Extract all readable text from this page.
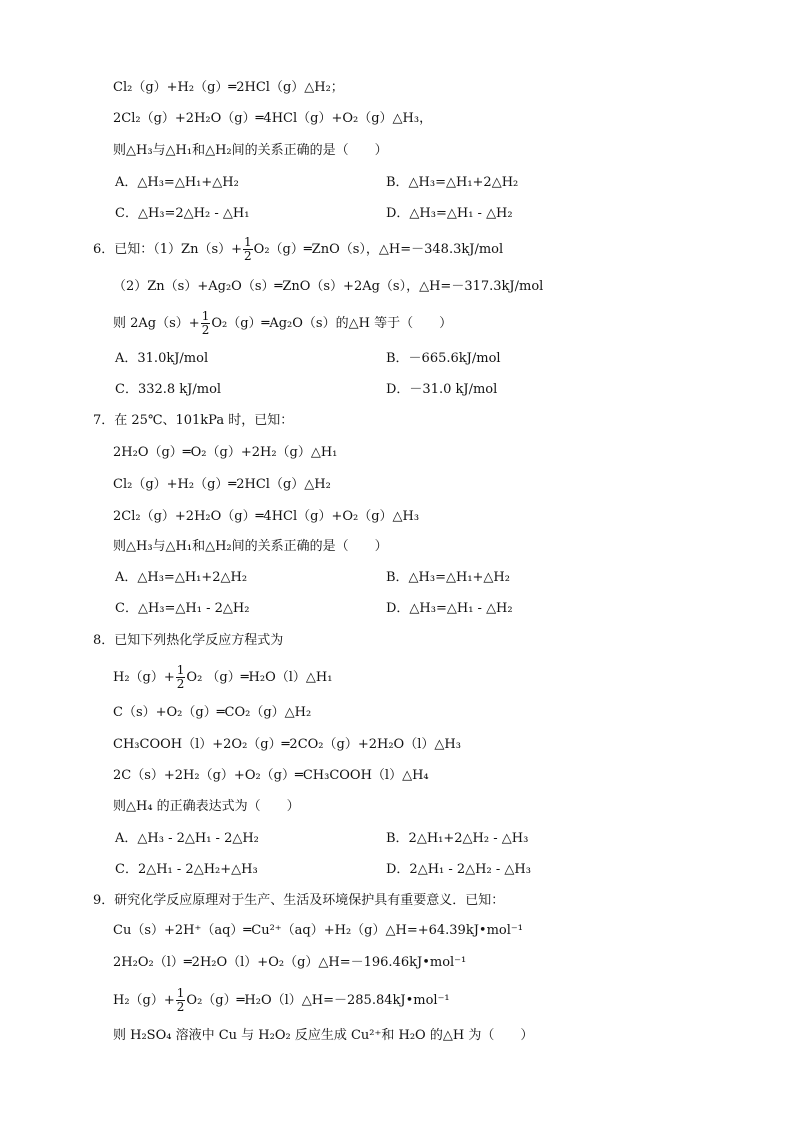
Cl₂（g）+H₂（g）═2HCl（g）△H₂；
2Cl₂（g）+2H₂O（g）═4HCl（g）+O₂（g）△H₃，
则△H₃与△H₁和△H₂间的关系正确的是（　　）
A．△H₃=△H₁+△H₂	B．△H₃=△H₁+2△H₂
C．△H₃=2△H₂ - △H₁	D．△H₃=△H₁ - △H₂
6．已知：$(1)Zn(s)+ \frac{1}{2}$ O₂（g）═ZnO（s），△H=－348.3kJ/mol
（2）Zn（s）+Ag₂O（s）═ZnO（s）+2Ag（s），△H=－317.3kJ/mol
则 $2Ag(s)+ \frac{1}{2}$ O₂（g）═Ag₂O（s）的△H 等于（　　）
A．31.0kJ/mol	B．－665.6kJ/mol
C．332.8 kJ/mol	D．－31.0 kJ/mol
7．在 25℃、101kPa 时，已知：
2H₂O（g）═O₂（g）+2H₂（g）△H₁
Cl₂（g）+H₂（g）═2HCl（g）△H₂
2Cl₂（g）+2H₂O（g）═4HCl（g）+O₂（g）△H₃
则△H₃与△H₁和△H₂间的关系正确的是（　　）
A．△H₃=△H₁+2△H₂	B．△H₃=△H₁+△H₂
C．△H₃=△H₁ - 2△H₂	D．△H₃=△H₁ - △H₂
8．已知下列热化学反应方程式为
$H_2(g)+ \frac{1}{2} O_2$ （g）═H₂O（l）△H₁
C（s）+O₂（g）═CO₂（g）△H₂
CH₃COOH（l）+2O₂（g）═2CO₂（g）+2H₂O（l）△H₃
2C（s）+2H₂（g）+O₂（g）═CH₃COOH（l）△H₄
则△H₄ 的正确表达式为（　　）
A．△H₃ - 2△H₁ - 2△H₂	B．2△H₁+2△H₂ - △H₃
C．2△H₁ - 2△H₂+△H₃	D．2△H₁ - 2△H₂ - △H₃
9．研究化学反应原理对于生产、生活及环境保护具有重要意义．已知：
Cu（s）+2H⁺（aq）═Cu²⁺（aq）+H₂（g）△H=+64.39kJ•mol⁻¹
2H₂O₂（l）═2H₂O（l）+O₂（g）△H=－196.46kJ•mol⁻¹
$H_2(g)+ \frac{1}{2}$ O₂（g）═H₂O（l）△H=－285.84kJ•mol⁻¹
则 H₂SO₄ 溶液中 Cu 与 H₂O₂ 反应生成 Cu²⁺和 H₂O 的△H 为（　　）
